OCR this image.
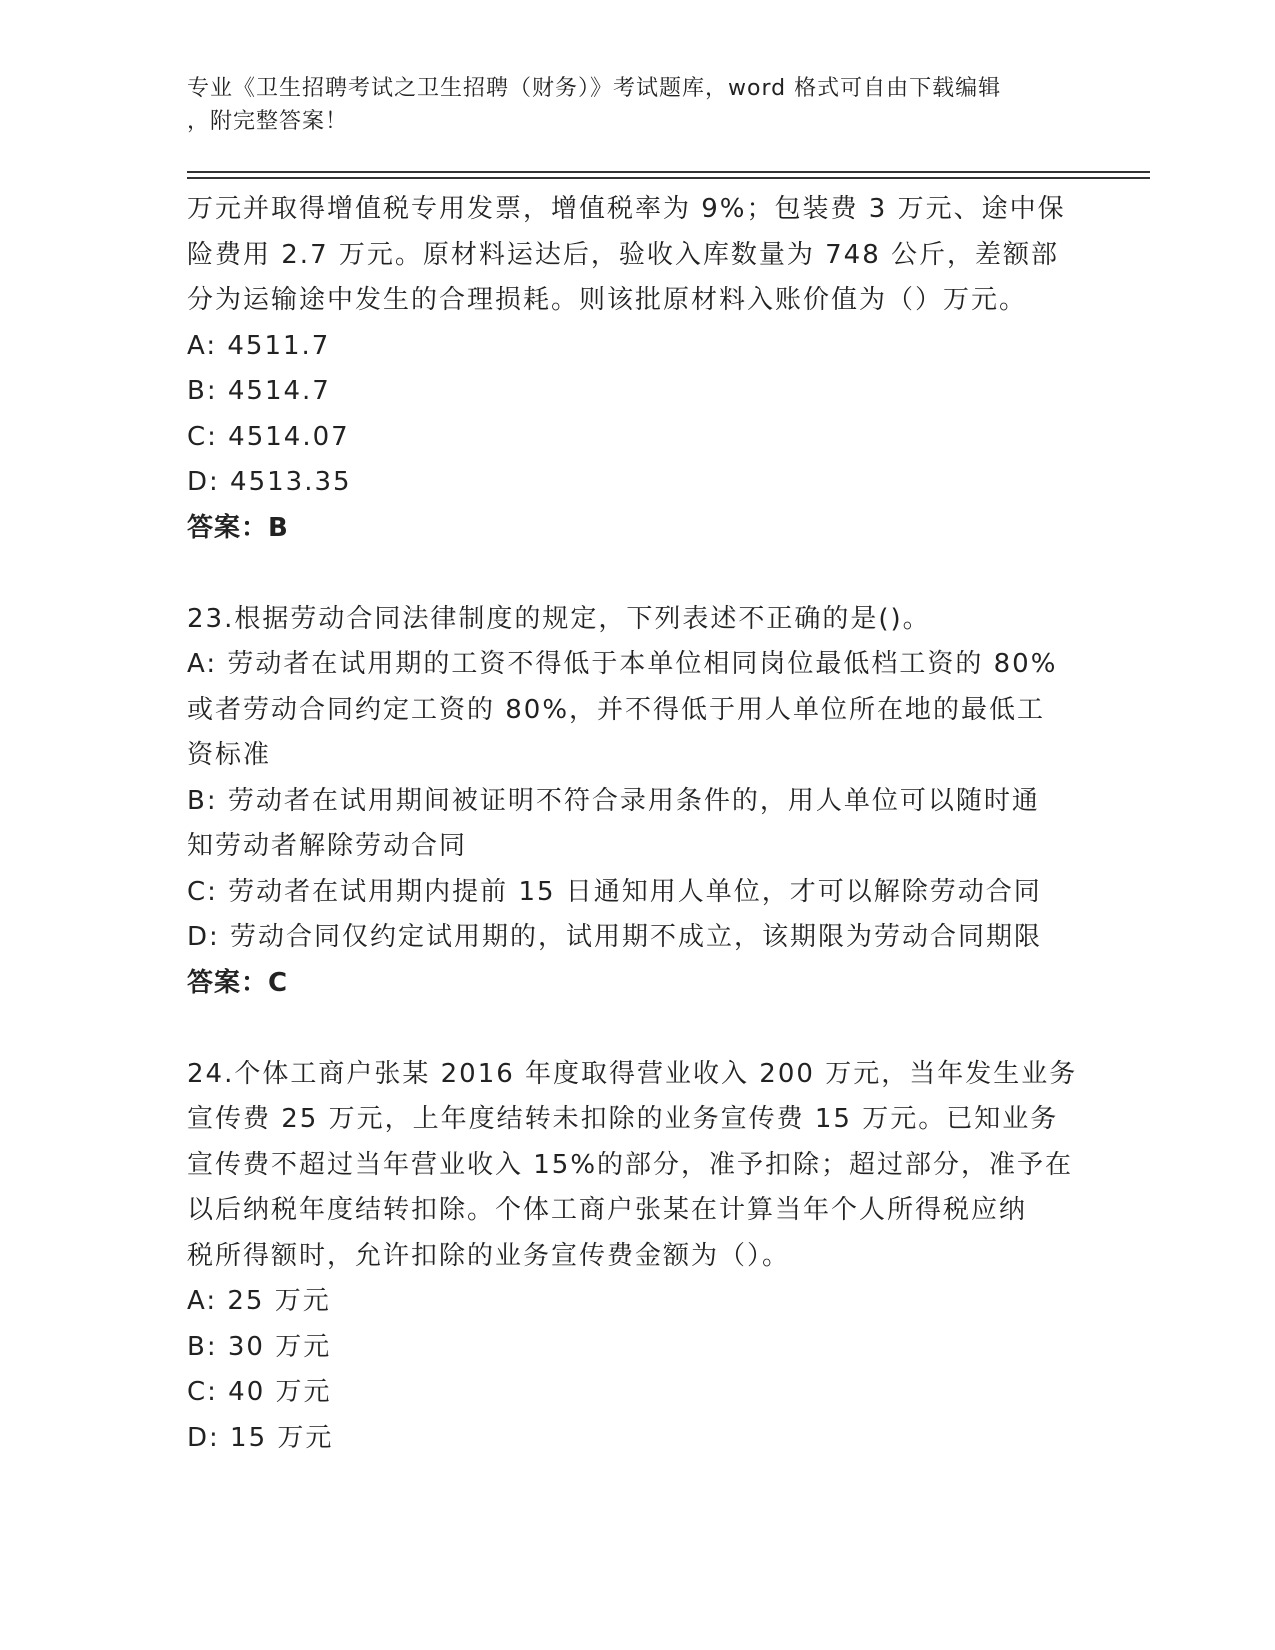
专业《卫生招聘考试之卫生招聘（财务）》考试题库，word 格式可自由下载编辑
，附完整答案！
万元并取得增值税专用发票，增值税率为 9%；包装费 3 万元、途中保
险费用 2.7 万元。原材料运达后，验收入库数量为 748 公斤，差额部
分为运输途中发生的合理损耗。则该批原材料入账价值为（）万元。
A: 4511.7
B: 4514.7
C: 4514.07
D: 4513.35
答案：B
23.根据劳动合同法律制度的规定，下列表述不正确的是()。
A: 劳动者在试用期的工资不得低于本单位相同岗位最低档工资的 80%
或者劳动合同约定工资的 80%，并不得低于用人单位所在地的最低工
资标准
B: 劳动者在试用期间被证明不符合录用条件的，用人单位可以随时通
知劳动者解除劳动合同
C: 劳动者在试用期内提前 15 日通知用人单位，才可以解除劳动合同
D: 劳动合同仅约定试用期的，试用期不成立，该期限为劳动合同期限
答案：C
24.个体工商户张某 2016 年度取得营业收入 200 万元，当年发生业务
宣传费 25 万元，上年度结转未扣除的业务宣传费 15 万元。已知业务
宣传费不超过当年营业收入 15%的部分，准予扣除；超过部分，准予在
以后纳税年度结转扣除。个体工商户张某在计算当年个人所得税应纳
税所得额时，允许扣除的业务宣传费金额为（）。
A: 25 万元
B: 30 万元
C: 40 万元
D: 15 万元
